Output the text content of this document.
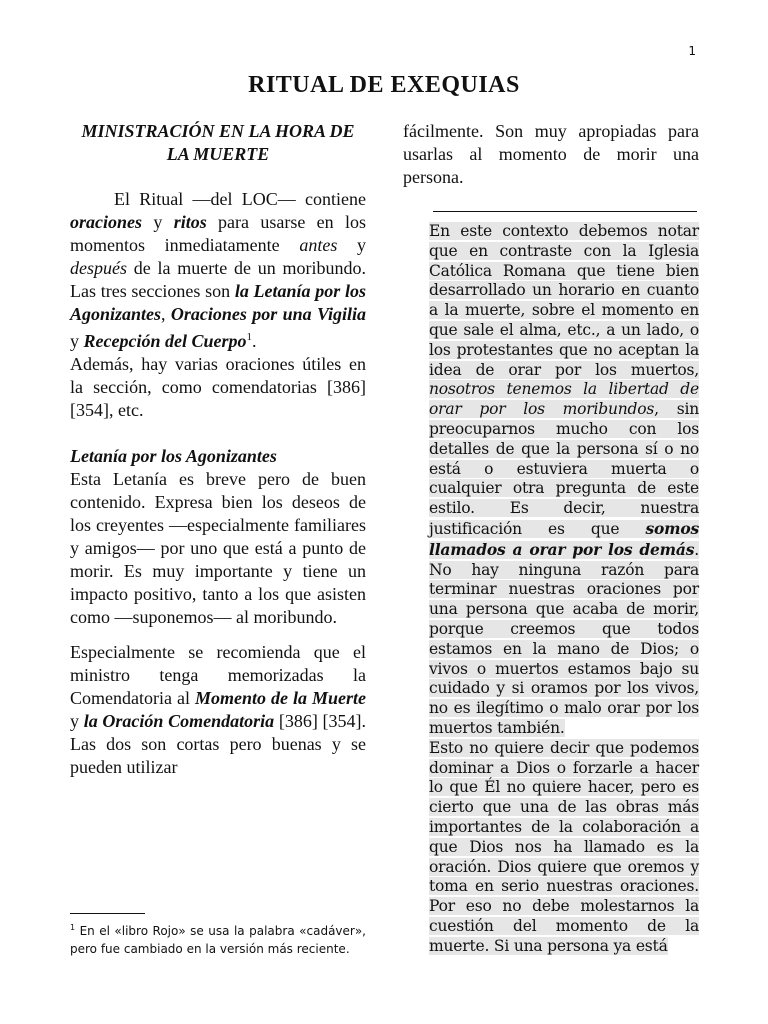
1
RITUAL DE EXEQUIAS

MINISTRACIÓN EN LA HORA DE LA MUERTE

El Ritual —del LOC— contiene oraciones y ritos para usarse en los momentos inmediatamente antes y después de la muerte de un moribundo. Las tres secciones son la Letanía por los Agonizantes, Oraciones por una Vigilia y Recepción del Cuerpo$^1$.

Además, hay varias oraciones útiles en la sección, como comendatorias [386] [354], etc.

Letanía por los Agonizantes

Esta Letanía es breve pero de buen contenido. Expresa bien los deseos de los creyentes —especialmente familiares y amigos— por uno que está a punto de morir. Es muy importante y tiene un impacto positivo, tanto a los que asisten como —suponemos— al moribundo.

Especialmente se recomienda que el ministro tenga memorizadas la Comendatoria al Momento de la Muerte y la Oración Comendatoria [386] [354]. Las dos son cortas pero buenas y se pueden utilizar

$^1$ En el «libro Rojo» se usa la palabra «cadáver», pero fue cambiado en la versión más reciente.

fácilmente. Son muy apropiadas para usarlas al momento de morir una persona.

En este contexto debemos notar que en contraste con la Iglesia Católica Romana que tiene bien desarrollado un horario en cuanto a la muerte, sobre el momento en que sale el alma, etc., a un lado, o los protestantes que no aceptan la idea de orar por los muertos, nosotros tenemos la libertad de orar por los moribundos, sin preocuparnos mucho con los detalles de que la persona sí o no está o estuviera muerta o cualquier otra pregunta de este estilo. Es decir, nuestra justificación es que somos llamados a orar por los demás. No hay ninguna razón para terminar nuestras oraciones por una persona que acaba de morir, porque creemos que todos estamos en la mano de Dios; o vivos o muertos estamos bajo su cuidado y si oramos por los vivos, no es ilegítimo o malo orar por los muertos también.

Esto no quiere decir que podemos dominar a Dios o forzarle a hacer lo que Él no quiere hacer, pero es cierto que una de las obras más importantes de la colaboración a que Dios nos ha llamado es la oración. Dios quiere que oremos y toma en serio nuestras oraciones. Por eso no debe molestarnos la cuestión del momento de la muerte. Si una persona ya está
